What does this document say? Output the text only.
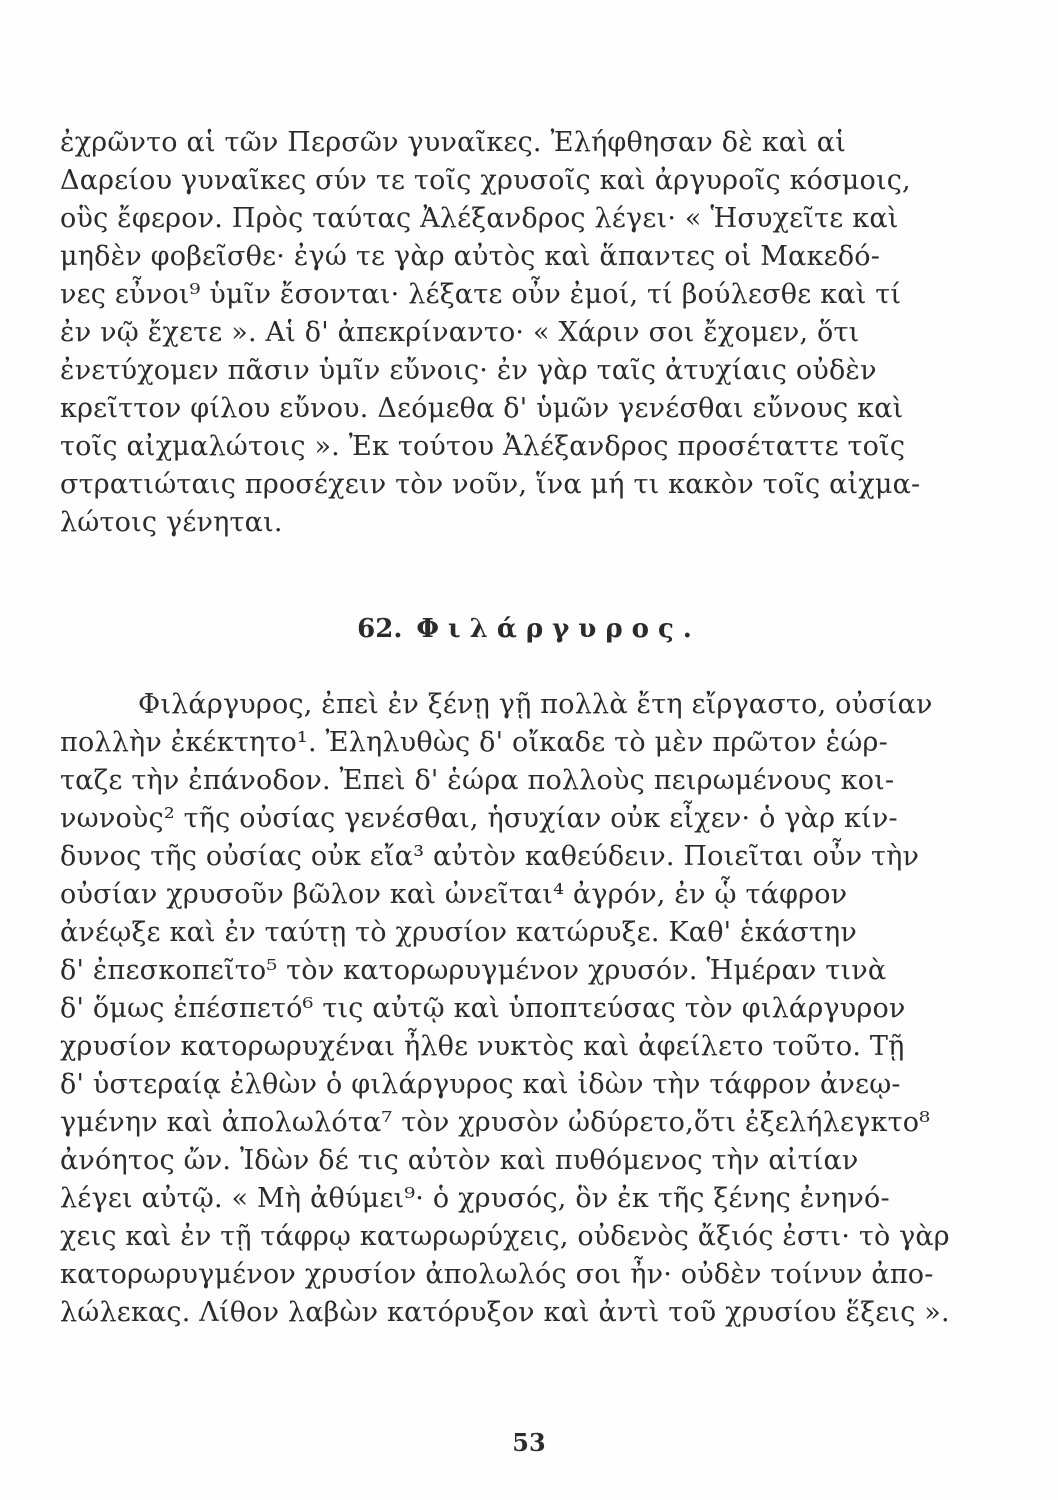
ἐχρῶντο αἱ τῶν Περσῶν γυναῖκες. Ἐλήφθησαν δὲ καὶ αἱ
Δαρείου γυναῖκες σύν τε τοῖς χρυσοῖς καὶ ἀργυροῖς κόσμοις,
οὓς ἔφερον. Πρὸς ταύτας Ἀλέξανδρος λέγει· « Ἡσυχεῖτε καὶ
μηδὲν φοβεῖσθε· ἐγώ τε γὰρ αὐτὸς καὶ ἅπαντες οἱ Μακεδό-
νες εὖνοι⁹ ὑμῖν ἔσονται· λέξατε οὖν ἐμοί, τί βούλεσθε καὶ τί
ἐν νῷ ἔχετε ». Αἱ δ' ἀπεκρίναντο· « Χάριν σοι ἔχομεν, ὅτι
ἐνετύχομεν πᾶσιν ὑμῖν εὔνοις· ἐν γὰρ ταῖς ἀτυχίαις οὐδὲν
κρεῖττον φίλου εὔνου. Δεόμεθα δ' ὑμῶν γενέσθαι εὔνους καὶ
τοῖς αἰχμαλώτοις ». Ἐκ τούτου Ἀλέξανδρος προσέταττε τοῖς
στρατιώταις προσέχειν τὸν νοῦν, ἵνα μή τι κακὸν τοῖς αἰχμα-
λώτοις γένηται.
62. Φιλάργυρος.
Φιλάργυρος, ἐπεὶ ἐν ξένῃ γῇ πολλὰ ἔτη εἴργαστο, οὐσίαν
πολλὴν ἐκέκτητο¹. Ἐληλυθὼς δ' οἴκαδε τὸ μὲν πρῶτον ἑώρ-
ταζε τὴν ἐπάνοδον. Ἐπεὶ δ' ἑώρα πολλοὺς πειρωμένους κοι-
νωνοὺς² τῆς οὐσίας γενέσθαι, ἡσυχίαν οὐκ εἶχεν· ὁ γὰρ κίν-
δυνος τῆς οὐσίας οὐκ εἴα³ αὐτὸν καθεύδειν. Ποιεῖται οὖν τὴν
οὐσίαν χρυσοῦν βῶλον καὶ ὠνεῖται⁴ ἀγρόν, ἐν ᾧ τάφρον
ἀνέῳξε καὶ ἐν ταύτῃ τὸ χρυσίον κατώρυξε. Καθ' ἑκάστην
δ' ἐπεσκοπεῖτο⁵ τὸν κατορωρυγμένον χρυσόν. Ἡμέραν τινὰ
δ' ὅμως ἐπέσπετό⁶ τις αὐτῷ καὶ ὑποπτεύσας τὸν φιλάργυρον
χρυσίον κατορωρυχέναι ἦλθε νυκτὸς καὶ ἀφείλετο τοῦτο. Τῇ
δ' ὑστεραίᾳ ἐλθὼν ὁ φιλάργυρος καὶ ἰδὼν τὴν τάφρον ἀνεῳ-
γμένην καὶ ἀπολωλότα⁷ τὸν χρυσὸν ὠδύρετο,ὅτι ἐξελήλεγκτο⁸
ἀνόητος ὤν. Ἰδὼν δέ τις αὐτὸν καὶ πυθόμενος τὴν αἰτίαν
λέγει αὐτῷ. « Μὴ ἀθύμει⁹· ὁ χρυσός, ὃν ἐκ τῆς ξένης ἐνηνό-
χεις καὶ ἐν τῇ τάφρῳ κατωρωρύχεις, οὐδενὸς ἄξιός ἐστι· τὸ γὰρ
κατορωρυγμένον χρυσίον ἀπολωλός σοι ἦν· οὐδὲν τοίνυν ἀπο-
λώλεκας. Λίθον λαβὼν κατόρυξον καὶ ἀντὶ τοῦ χρυσίου ἕξεις ».
53
